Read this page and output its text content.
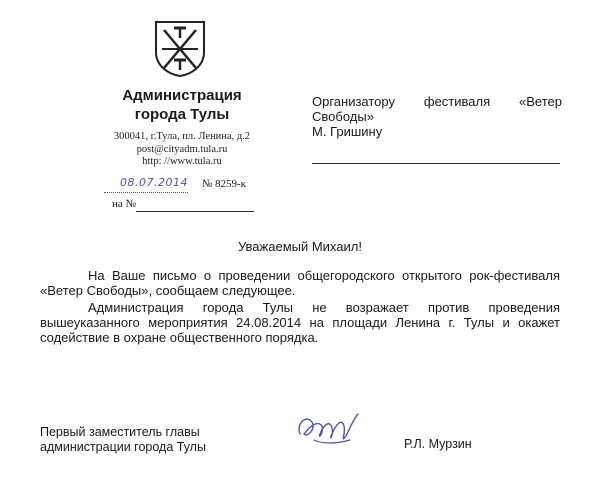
Администрация
города Тулы
300041, г.Тула, пл. Ленина, д.2
post@cityadm.tula.ru
http: //www.tula.ru
08.07.2014 № 8259-к
на №
Организатору фестиваля «Ветер
Свободы»
М. Гришину
Уважаемый Михаил!

На Ваше письмо о проведении общегородского открытого рок-фестиваля «Ветер Свободы», сообщаем следующее.

Администрация города Тулы не возражает против проведения вышеуказанного мероприятия 24.08.2014 на площади Ленина г. Тулы и окажет содействие в охране общественного порядка.

Первый заместитель главы
администрации города Тулы	Р.Л. Мурзин
